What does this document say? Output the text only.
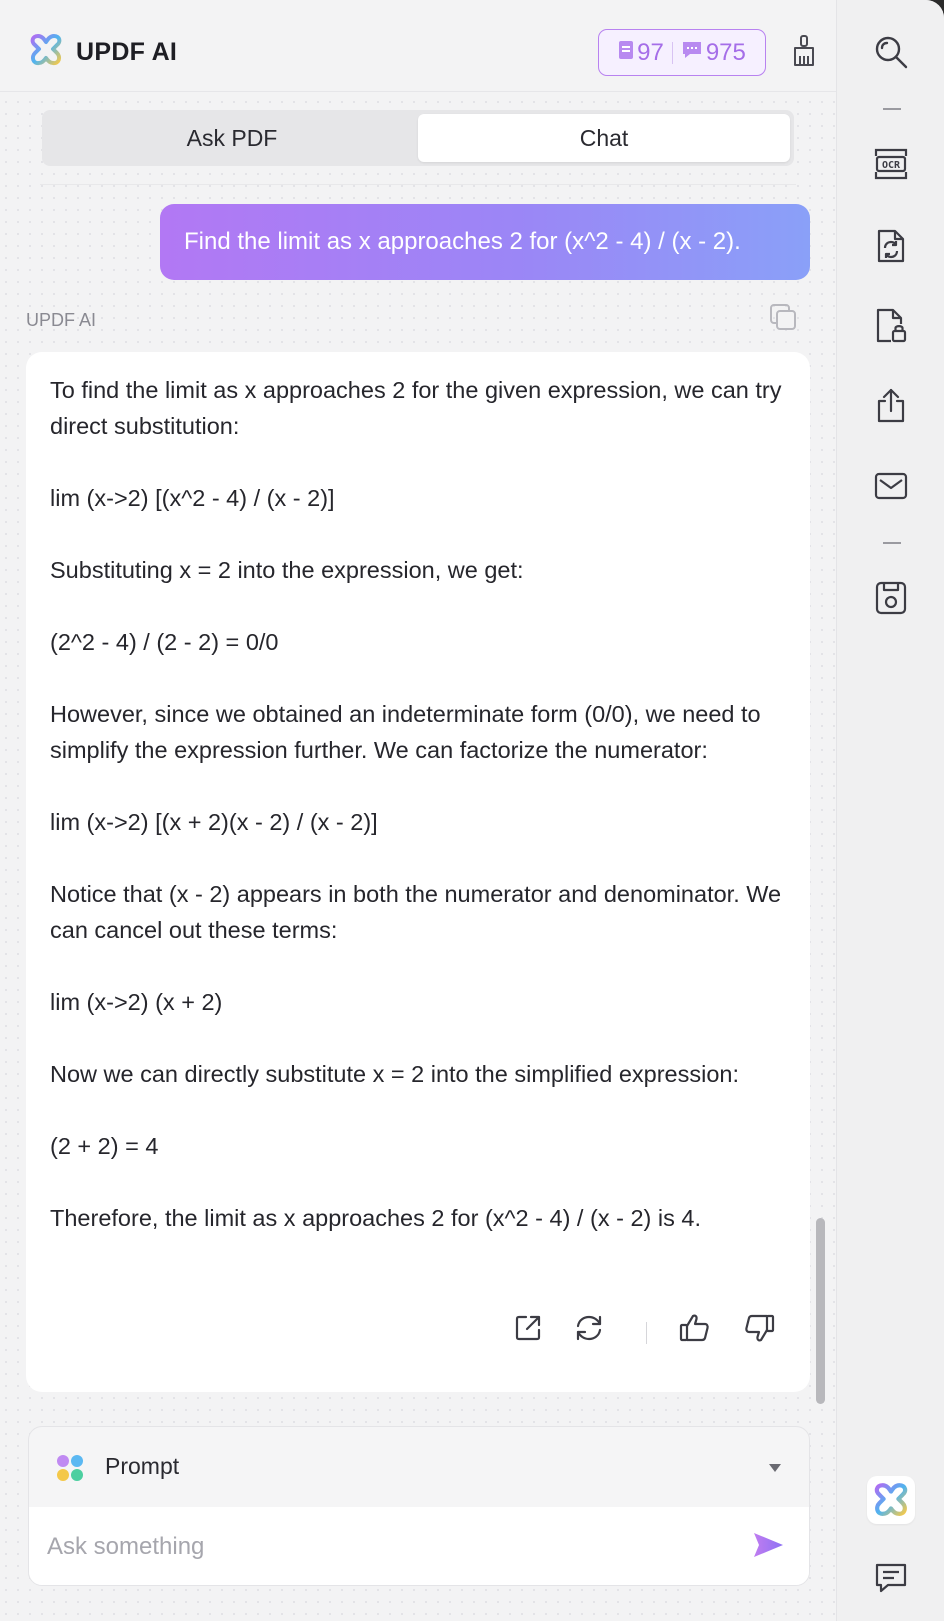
UPDF AI	97 975
Ask PDF	Chat
Find the limit as x approaches 2 for (x^2 - 4) / (x - 2).
UPDF AI
To find the limit as x approaches 2 for the given expression, we can try direct substitution:
lim (x->2) [(x^2 - 4) / (x - 2)]
Substituting x = 2 into the expression, we get:
(2^2 - 4) / (2 - 2) = 0/0
However, since we obtained an indeterminate form (0/0), we need to simplify the expression further. We can factorize the numerator:
lim (x->2) [(x + 2)(x - 2) / (x - 2)]
Notice that (x - 2) appears in both the numerator and denominator. We can cancel out these terms:
lim (x->2) (x + 2)
Now we can directly substitute x = 2 into the simplified expression:
(2 + 2) = 4
Therefore, the limit as x approaches 2 for (x^2 - 4) / (x - 2) is 4.
Prompt
Ask something
OCR
